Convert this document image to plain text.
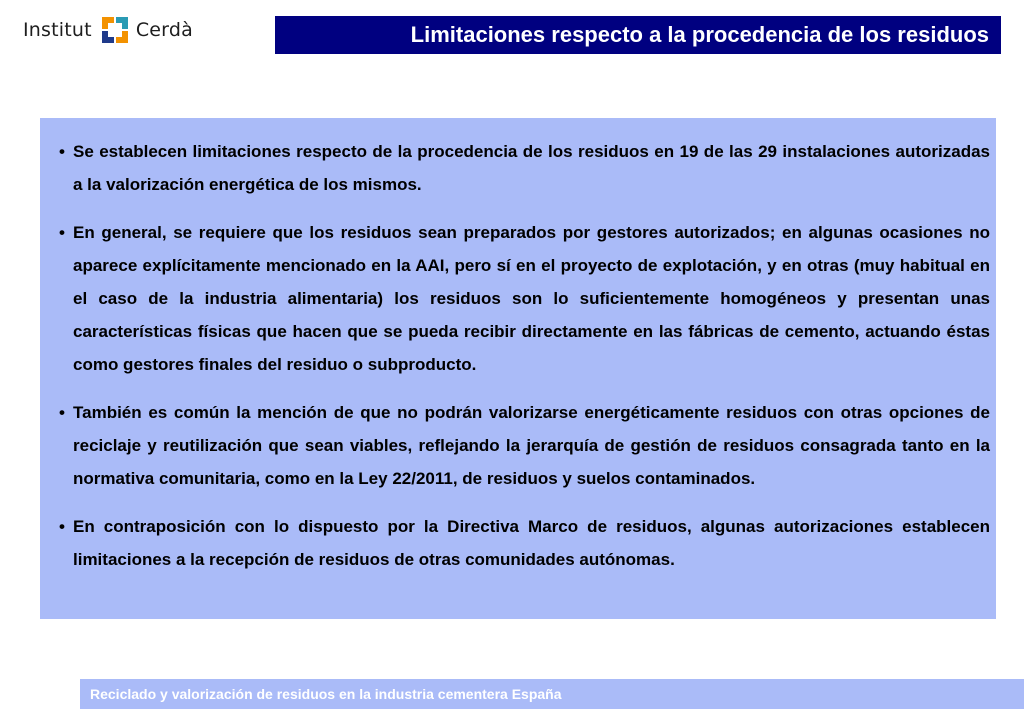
Institut Cerdà	Limitaciones respecto a la procedencia de los residuos
• Se establecen limitaciones respecto de la procedencia de los residuos en 19 de las 29 instalaciones autorizadas a la valorización energética de los mismos.
• En general, se requiere que los residuos sean preparados por gestores autorizados; en algunas ocasiones no aparece explícitamente mencionado en la AAI, pero sí en el proyecto de explotación, y en otras (muy habitual en el caso de la industria alimentaria) los residuos son lo suficientemente homogéneos y presentan unas características físicas que hacen que se pueda recibir directamente en las fábricas de cemento, actuando éstas como gestores finales del residuo o subproducto.
• También es común la mención de que no podrán valorizarse energéticamente residuos con otras opciones de reciclaje y reutilización que sean viables, reflejando la jerarquía de gestión de residuos consagrada tanto en la normativa comunitaria, como en la Ley 22/2011, de residuos y suelos contaminados.
• En contraposición con lo dispuesto por la Directiva Marco de residuos, algunas autorizaciones establecen limitaciones a la recepción de residuos de otras comunidades autónomas.
Reciclado y valorización de residuos en la industria cementera España
